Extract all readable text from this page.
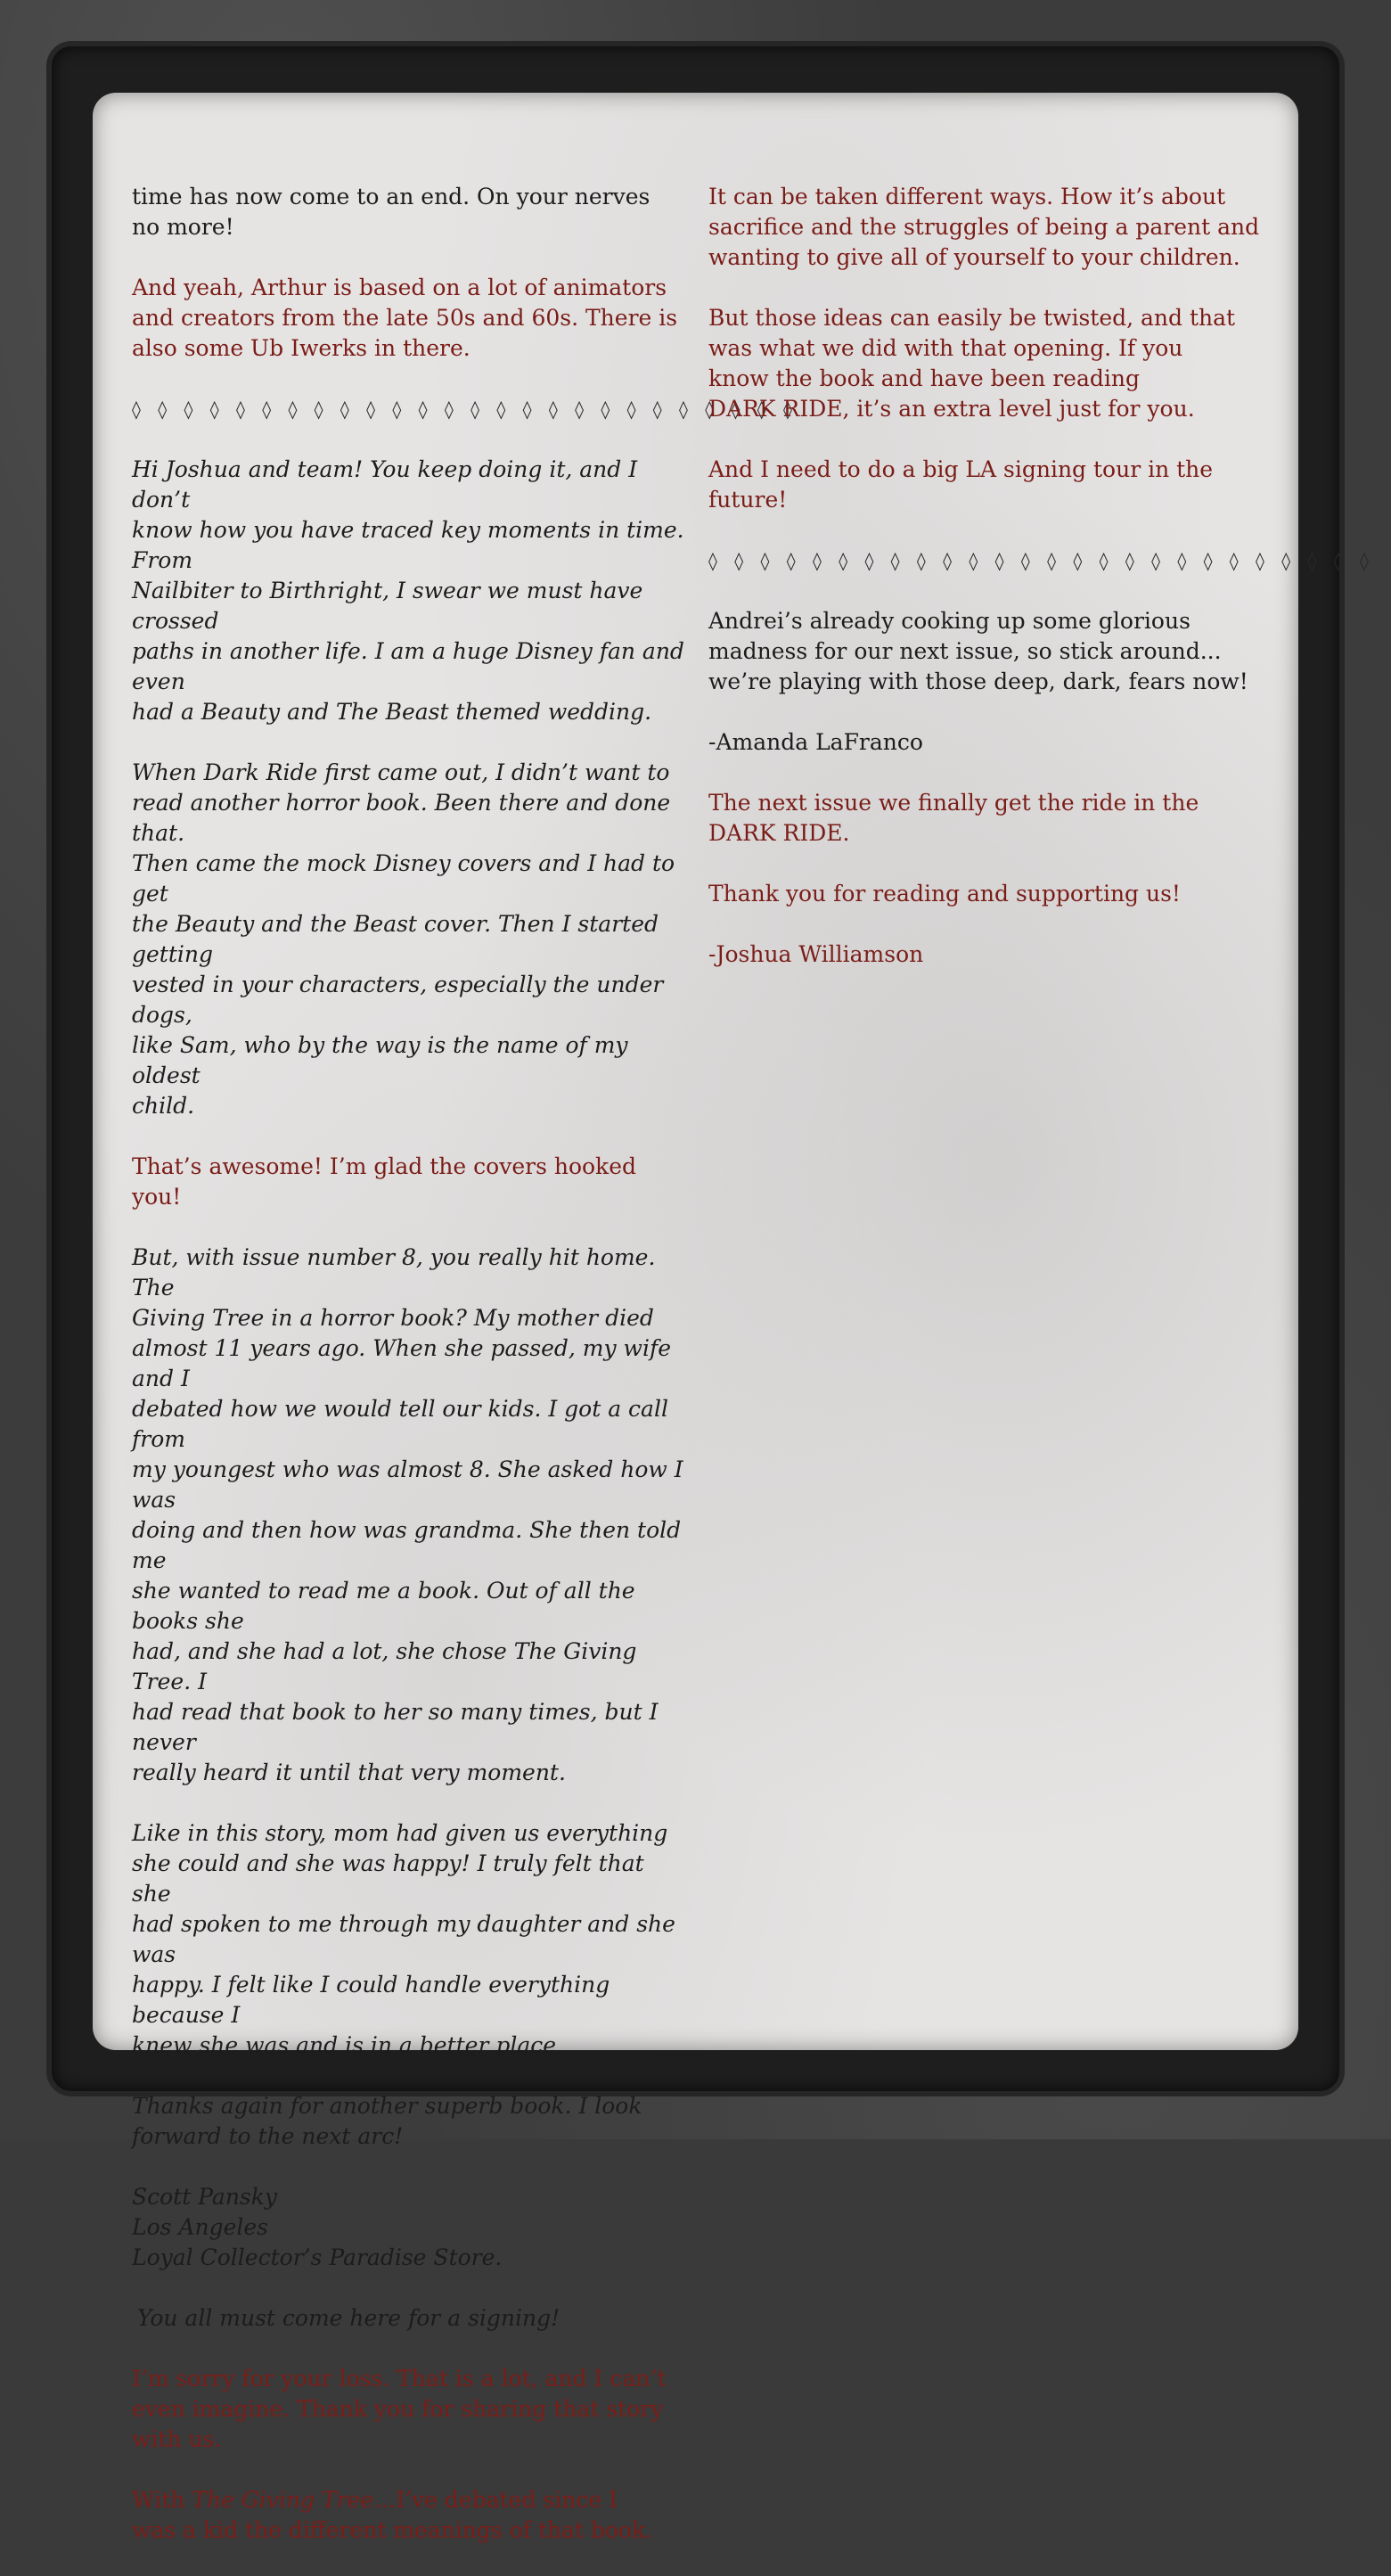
time has now come to an end. On your nerves
no more!

And yeah, Arthur is based on a lot of animators
and creators from the late 50s and 60s. There is
also some Ub Iwerks in there.

◊ ◊ ◊ ◊ ◊ ◊ ◊ ◊ ◊ ◊ ◊ ◊ ◊ ◊ ◊ ◊ ◊ ◊ ◊ ◊ ◊ ◊ ◊ ◊ ◊ ◊

Hi Joshua and team! You keep doing it, and I don’t
know how you have traced key moments in time. From
Nailbiter to Birthright, I swear we must have crossed
paths in another life. I am a huge Disney fan and even
had a Beauty and The Beast themed wedding.

When Dark Ride first came out, I didn’t want to
read another horror book. Been there and done that.
Then came the mock Disney covers and I had to get
the Beauty and the Beast cover. Then I started getting
vested in your characters, especially the under dogs,
like Sam, who by the way is the name of my oldest
child.

That’s awesome! I’m glad the covers hooked
you!

But, with issue number 8, you really hit home. The
Giving Tree in a horror book? My mother died
almost 11 years ago. When she passed, my wife and I
debated how we would tell our kids. I got a call from
my youngest who was almost 8. She asked how I was
doing and then how was grandma. She then told me
she wanted to read me a book. Out of all the books she
had, and she had a lot, she chose The Giving Tree. I
had read that book to her so many times, but I never
really heard it until that very moment.

Like in this story, mom had given us everything
she could and she was happy! I truly felt that she
had spoken to me through my daughter and she was
happy. I felt like I could handle everything because I
knew she was and is in a better place.

Thanks again for another superb book. I look
forward to the next arc!

Scott Pansky
Los Angeles
Loyal Collector’s Paradise Store.

You all must come here for a signing!

I’m sorry for your loss. That is a lot, and I can’t
even imagine. Thank you for sharing that story
with us.

With The Giving Tree…I’ve debated since I
was a kid the different meanings of that book.

It can be taken different ways. How it’s about
sacrifice and the struggles of being a parent and
wanting to give all of yourself to your children.

But those ideas can easily be twisted, and that
was what we did with that opening. If you
know the book and have been reading
DARK RIDE, it’s an extra level just for you.

And I need to do a big LA signing tour in the
future!

◊ ◊ ◊ ◊ ◊ ◊ ◊ ◊ ◊ ◊ ◊ ◊ ◊ ◊ ◊ ◊ ◊ ◊ ◊ ◊ ◊ ◊ ◊ ◊ ◊ ◊

Andrei’s already cooking up some glorious
madness for our next issue, so stick around...
we’re playing with those deep, dark, fears now!

-Amanda LaFranco

The next issue we finally get the ride in the
DARK RIDE.

Thank you for reading and supporting us!

-Joshua Williamson
